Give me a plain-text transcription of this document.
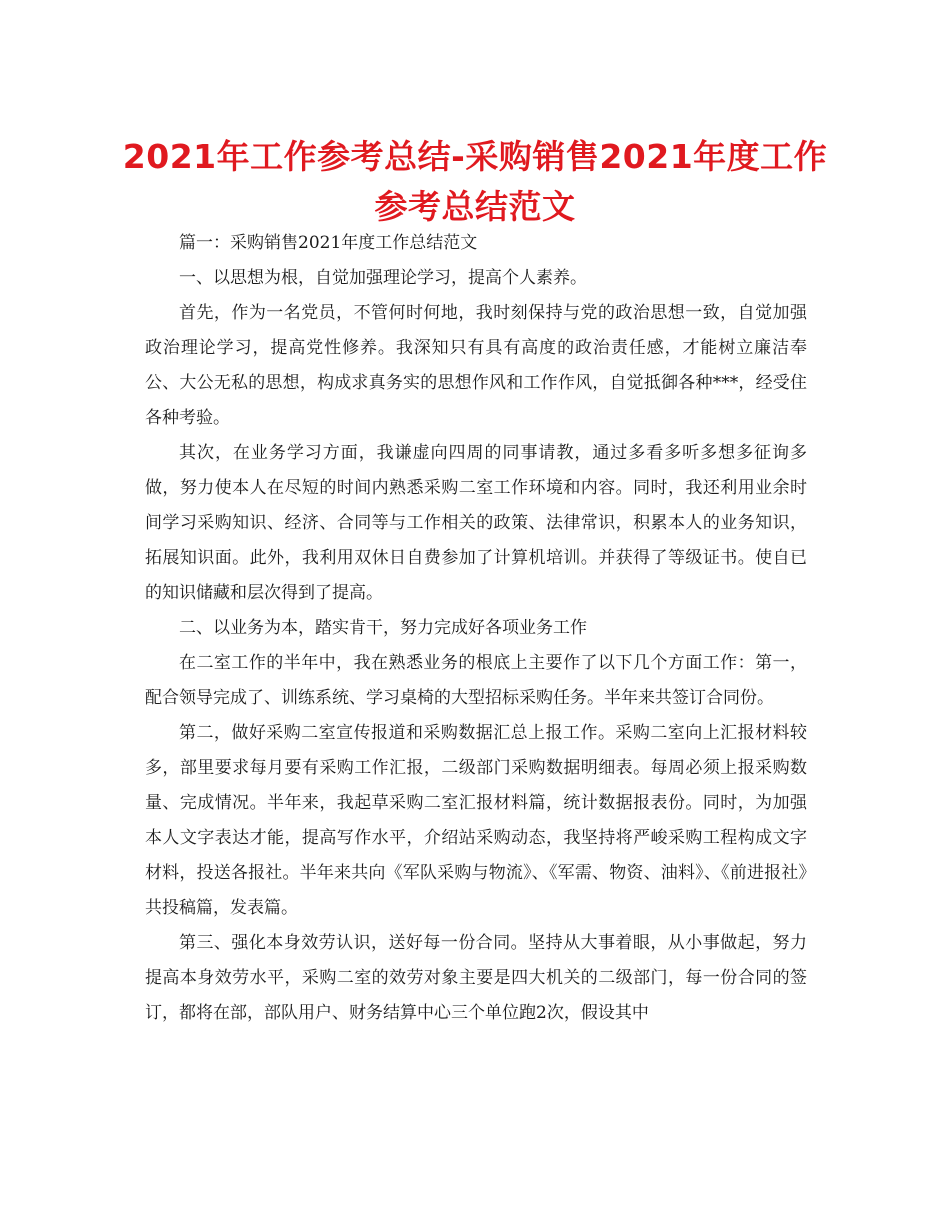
2021年工作参考总结-采购销售2021年度工作
参考总结范文

篇一：采购销售2021年度工作总结范文

一、以思想为根，自觉加强理论学习，提高个人素养。

首先，作为一名党员，不管何时何地，我时刻保持与党的政治思想一致，自觉加强政治理论学习，提高党性修养。我深知只有具有高度的政治责任感，才能树立廉洁奉公、大公无私的思想，构成求真务实的思想作风和工作作风，自觉抵御各种***，经受住各种考验。

其次，在业务学习方面，我谦虚向四周的同事请教，通过多看多听多想多征询多做，努力使本人在尽短的时间内熟悉采购二室工作环境和内容。同时，我还利用业余时间学习采购知识、经济、合同等与工作相关的政策、法律常识，积累本人的业务知识，拓展知识面。此外，我利用双休日自费参加了计算机培训。并获得了等级证书。使自已的知识储藏和层次得到了提高。

二、以业务为本，踏实肯干，努力完成好各项业务工作

在二室工作的半年中，我在熟悉业务的根底上主要作了以下几个方面工作：第一，配合领导完成了、训练系统、学习桌椅的大型招标采购任务。半年来共签订合同份。

第二，做好采购二室宣传报道和采购数据汇总上报工作。采购二室向上汇报材料较多，部里要求每月要有采购工作汇报，二级部门采购数据明细表。每周必须上报采购数量、完成情况。半年来，我起草采购二室汇报材料篇，统计数据报表份。同时，为加强本人文字表达才能，提高写作水平，介绍站采购动态，我坚持将严峻采购工程构成文字材料，投送各报社。半年来共向《军队采购与物流》、《军需、物资、油料》、《前进报社》共投稿篇，发表篇。

第三、强化本身效劳认识，送好每一份合同。坚持从大事着眼，从小事做起，努力提高本身效劳水平，采购二室的效劳对象主要是四大机关的二级部门，每一份合同的签订，都将在部，部队用户、财务结算中心三个单位跑2次，假设其中
